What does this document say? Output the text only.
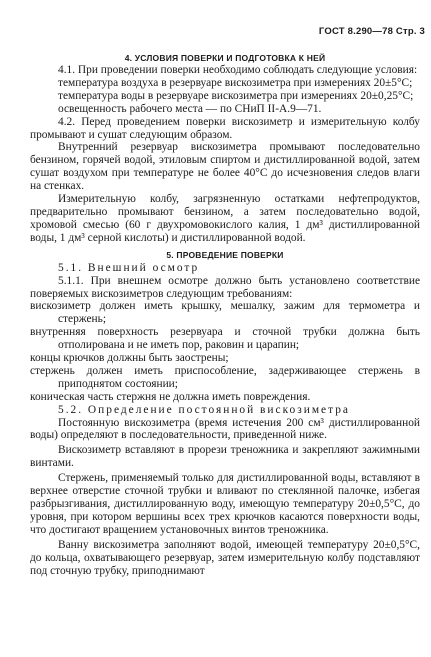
ГОСТ 8.290—78 Стр. 3
4. УСЛОВИЯ ПОВЕРКИ И ПОДГОТОВКА К НЕЙ

4.1. При проведении поверки необходимо соблюдать следующие условия:

температура воздуха в резервуаре вискозиметра при измерениях 20±5°С;

температура воды в резервуаре вискозиметра при измерениях 20±0,25°С;

освещенность рабочего места — по СНиП II-А.9—71.

4.2. Перед проведением поверки вискозиметр и измерительную колбу промывают и сушат следующим образом.

Внутренний резервуар вискозиметра промывают последовательно бензином, горячей водой, этиловым спиртом и дистиллированной водой, затем сушат воздухом при температуре не более 40°С до исчезновения следов влаги на стенках.

Измерительную колбу, загрязненную остатками нефтепродуктов, предварительно промывают бензином, а затем последовательно водой, хромовой смесью (60 г двухромовокислого калия, 1 дм³ дистиллированной воды, 1 дм³ серной кислоты) и дистиллированной водой.

5. ПРОВЕДЕНИЕ ПОВЕРКИ

5.1. Внешний осмотр

5.1.1. При внешнем осмотре должно быть установлено соответствие поверяемых вискозиметров следующим требованиям:

вискозиметр должен иметь крышку, мешалку, зажим для термометра и стержень;

внутренняя поверхность резервуара и сточной трубки должна быть отполирована и не иметь пор, раковин и царапин;

концы крючков должны быть заострены;

стержень должен иметь приспособление, задерживающее стержень в приподнятом состоянии;

коническая часть стержня не должна иметь повреждения.

5.2. Определение постоянной вискозиметра

Постоянную вискозиметра (время истечения 200 см³ дистиллированной воды) определяют в последовательности, приведенной ниже.

Вискозиметр вставляют в прорези треножника и закрепляют зажимными винтами.

Стержень, применяемый только для дистиллированной воды, вставляют в верхнее отверстие сточной трубки и вливают по стеклянной палочке, избегая разбрызгивания, дистиллированную воду, имеющую температуру 20±0,5°С, до уровня, при котором вершины всех трех крючков касаются поверхности воды, что достигают вращением установочных винтов треножника.

Ванну вискозиметра заполняют водой, имеющей температуру 20±0,5°С, до кольца, охватывающего резервуар, затем измерительную колбу подставляют под сточную трубку, приподнимают
